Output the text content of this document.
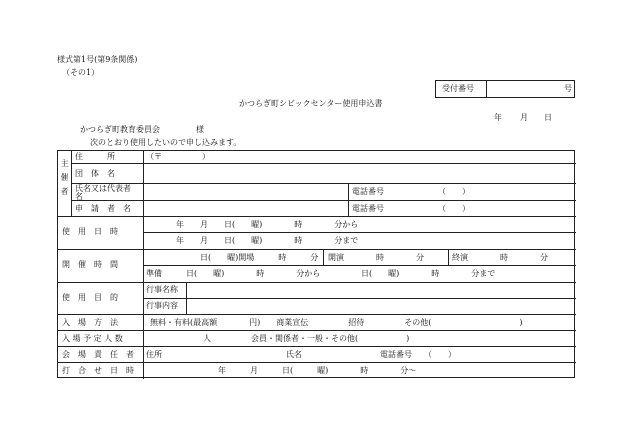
様式第1号(第9条関係)
（その1）
受付番号	号
かつらぎ町シビックセンター使用申込書
年 月 日
かつらぎ町教育委員会	様
次のとおり使用したいので申し込みます。
主催者
住　　　所	（〒　　　　　）
団　体　名
氏名又は代表者
名
電話番号	（　　）
申　請　者　名	電話番号	（　　）
使　用　日　時
年　　月　　日(　　曜)　　　　時　　　　分から
年　　月　　日(　　曜)　　　　時　　　　分まで
開　催　時　間
日(　　曜)開場　　　時　　　分 開演　　　　時　　　　分	終演　　　　時　　　　分
準備　　　日(　　曜)　　　　時　　　　分から	日(　　曜)　　　　時　　　　分まで
使　用　目　的
行事名称
行事内容
入　場　方　法	無料・有料(最高額　　　　円)　　商業宣伝　　　　　招待　　　　　その他(　　　　　　　　　　　)
入 場 予 定 人 数	人　　　　　会員・関係者・一般・その他(　　　　　　)
会　場　責　任　者 住所	氏名	電話番号　　（　　）
打　合　せ　日　時	年　　　月　　　日(　　　曜)　　　　時　　　　分〜
